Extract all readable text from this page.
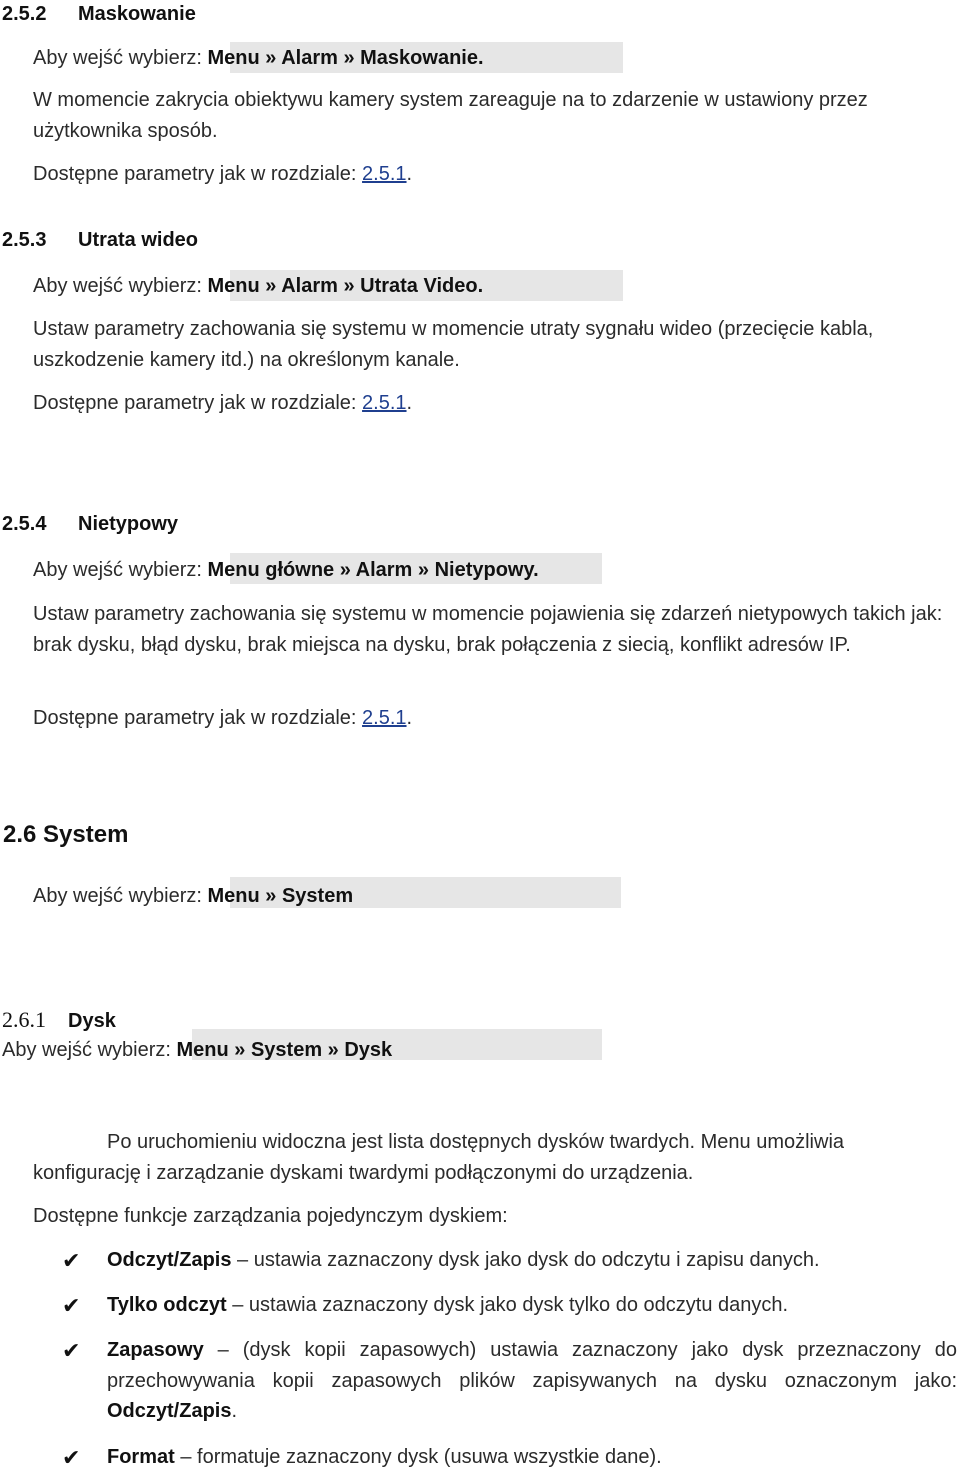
2.5.2 Maskowanie
Aby wejść wybierz: Menu » Alarm » Maskowanie.
W momencie zakrycia obiektywu kamery system zareaguje na to zdarzenie w ustawiony przez użytkownika sposób.
Dostępne parametry jak w rozdziale: 2.5.1.
2.5.3 Utrata wideo
Aby wejść wybierz: Menu » Alarm » Utrata Video.
Ustaw parametry zachowania się systemu w momencie utraty sygnału wideo (przecięcie kabla, uszkodzenie kamery itd.) na określonym kanale.
Dostępne parametry jak w rozdziale: 2.5.1.
2.5.4 Nietypowy
Aby wejść wybierz: Menu główne » Alarm » Nietypowy.
Ustaw parametry zachowania się systemu w momencie pojawienia się zdarzeń nietypowych takich jak: brak dysku, błąd dysku, brak miejsca na dysku, brak połączenia z siecią, konflikt adresów IP.
Dostępne parametry jak w rozdziale: 2.5.1.
2.6 System
Aby wejść wybierz: Menu » System
2.6.1 Dysk
Aby wejść wybierz: Menu » System » Dysk
Po uruchomieniu widoczna jest lista dostępnych dysków twardych. Menu umożliwia konfigurację i zarządzanie dyskami twardymi podłączonymi do urządzenia.
Dostępne funkcje zarządzania pojedynczym dyskiem:
✔ Odczyt/Zapis – ustawia zaznaczony dysk jako dysk do odczytu i zapisu danych.
✔ Tylko odczyt – ustawia zaznaczony dysk jako dysk tylko do odczytu danych.
✔ Zapasowy – (dysk kopii zapasowych) ustawia zaznaczony jako dysk przeznaczony do przechowywania kopii zapasowych plików zapisywanych na dysku oznaczonym jako: Odczyt/Zapis.
✔ Format – formatuje zaznaczony dysk (usuwa wszystkie dane).
